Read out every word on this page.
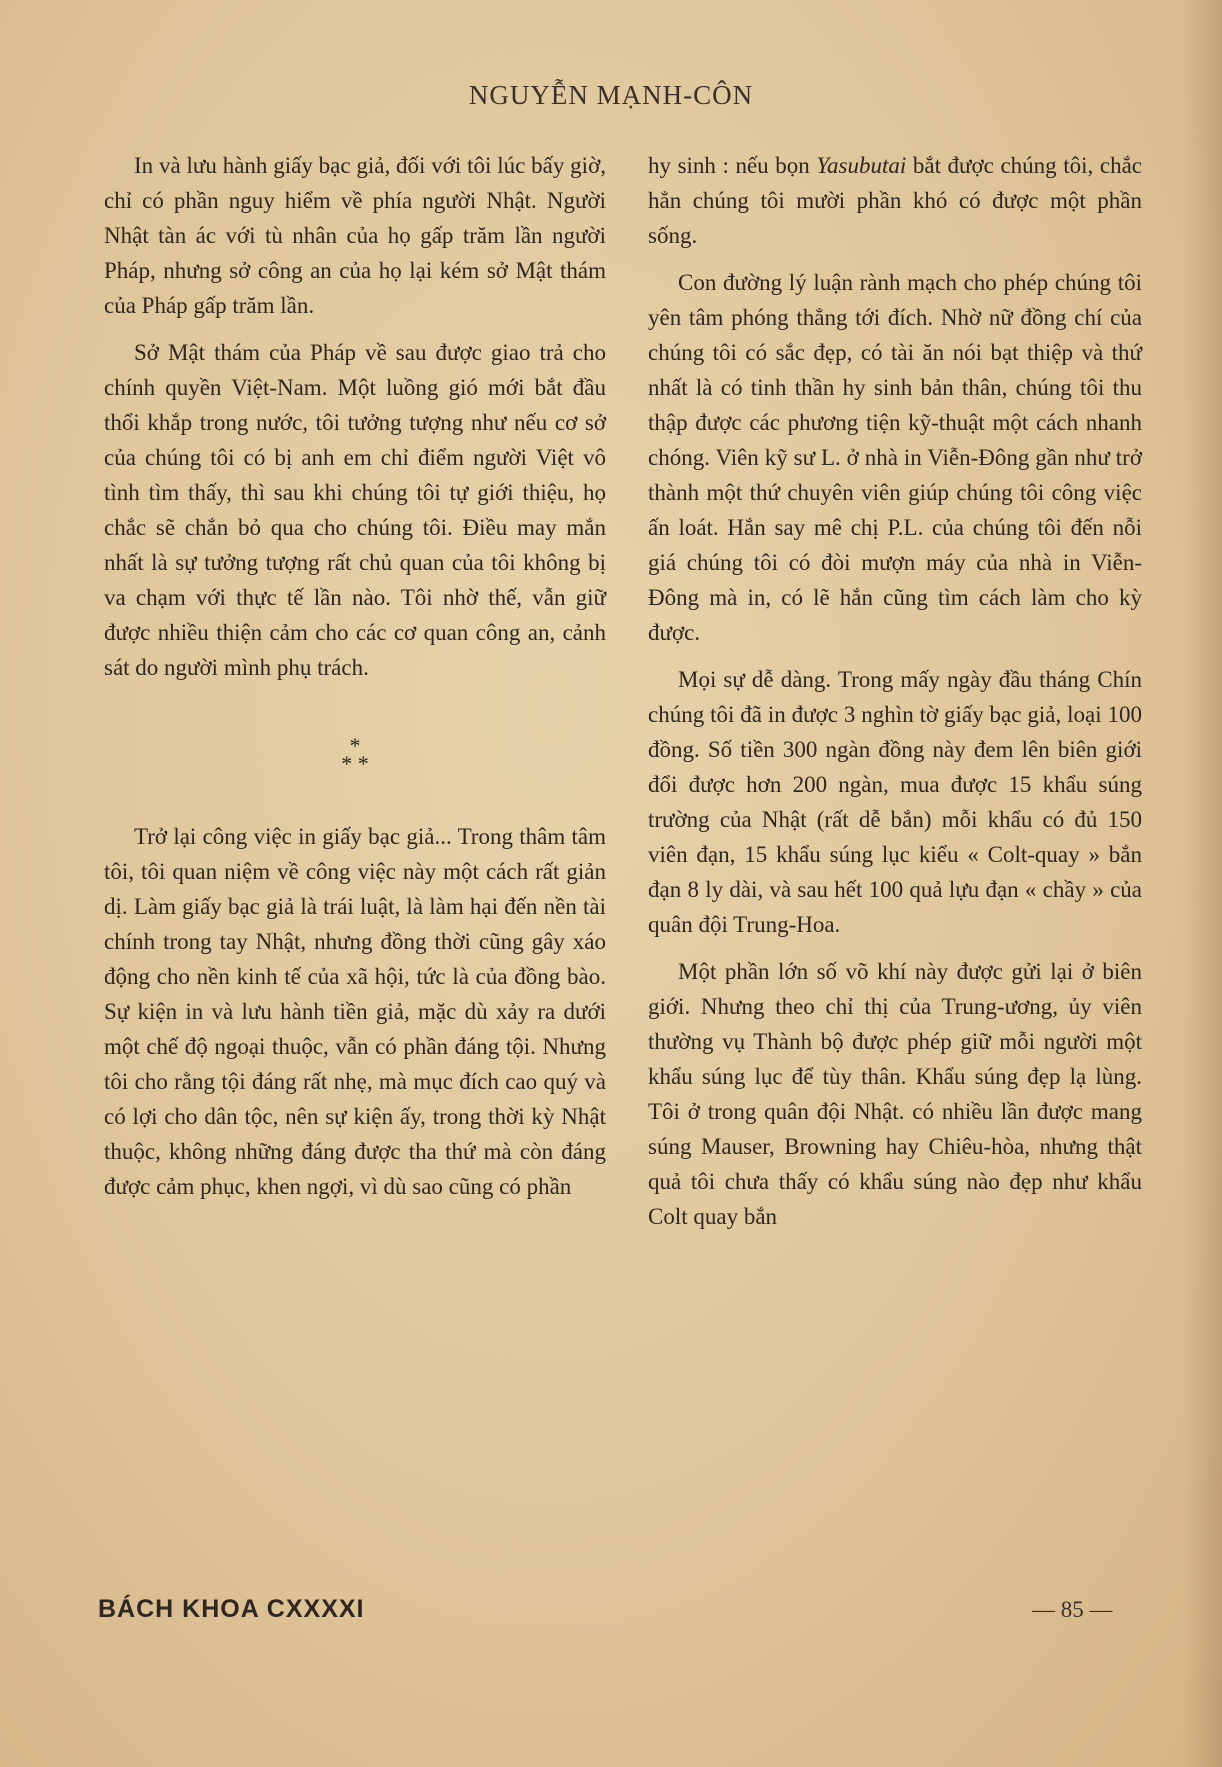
NGUYỄN MẠNH-CÔN

In và lưu hành giấy bạc giả, đối với tôi lúc bấy giờ, chỉ có phần nguy hiểm về phía người Nhật. Người Nhật tàn ác với tù nhân của họ gấp trăm lần người Pháp, nhưng sở công an của họ lại kém sở Mật thám của Pháp gấp trăm lần.

Sở Mật thám của Pháp về sau được giao trả cho chính quyền Việt-Nam. Một luồng gió mới bắt đầu thổi khắp trong nước, tôi tưởng tượng như nếu cơ sở của chúng tôi có bị anh em chỉ điểm người Việt vô tình tìm thấy, thì sau khi chúng tôi tự giới thiệu, họ chắc sẽ chắn bỏ qua cho chúng tôi. Điều may mắn nhất là sự tưởng tượng rất chủ quan của tôi không bị va chạm với thực tế lần nào. Tôi nhờ thế, vẫn giữ được nhiều thiện cảm cho các cơ quan công an, cảnh sát do người mình phụ trách.

*
* *

Trở lại công việc in giấy bạc giả... Trong thâm tâm tôi, tôi quan niệm về công việc này một cách rất giản dị. Làm giấy bạc giả là trái luật, là làm hại đến nền tài chính trong tay Nhật, nhưng đồng thời cũng gây xáo động cho nền kinh tế của xã hội, tức là của đồng bào. Sự kiện in và lưu hành tiền giả, mặc dù xảy ra dưới một chế độ ngoại thuộc, vẫn có phần đáng tội. Nhưng tôi cho rằng tội đáng rất nhẹ, mà mục đích cao quý và có lợi cho dân tộc, nên sự kiện ấy, trong thời kỳ Nhật thuộc, không những đáng được tha thứ mà còn đáng được cảm phục, khen ngợi, vì dù sao cũng có phần

hy sinh : nếu bọn Yasubutai bắt được chúng tôi, chắc hẳn chúng tôi mười phần khó có được một phần sống.

Con đường lý luận rành mạch cho phép chúng tôi yên tâm phóng thẳng tới đích. Nhờ nữ đồng chí của chúng tôi có sắc đẹp, có tài ăn nói bạt thiệp và thứ nhất là có tinh thần hy sinh bản thân, chúng tôi thu thập được các phương tiện kỹ-thuật một cách nhanh chóng. Viên kỹ sư L. ở nhà in Viễn-Đông gần như trở thành một thứ chuyên viên giúp chúng tôi công việc ấn loát. Hắn say mê chị P.L. của chúng tôi đến nỗi giá chúng tôi có đòi mượn máy của nhà in Viễn-Đông mà in, có lẽ hắn cũng tìm cách làm cho kỳ được.

Mọi sự dễ dàng. Trong mấy ngày đầu tháng Chín chúng tôi đã in được 3 nghìn tờ giấy bạc giả, loại 100 đồng. Số tiền 300 ngàn đồng này đem lên biên giới đổi được hơn 200 ngàn, mua được 15 khẩu súng trường của Nhật (rất dễ bắn) mỗi khẩu có đủ 150 viên đạn, 15 khẩu súng lục kiểu « Colt-quay » bắn đạn 8 ly dài, và sau hết 100 quả lựu đạn « chầy » của quân đội Trung-Hoa.

Một phần lớn số võ khí này được gửi lại ở biên giới. Nhưng theo chỉ thị của Trung-ương, ủy viên thường vụ Thành bộ được phép giữ mỗi người một khẩu súng lục để tùy thân. Khẩu súng đẹp lạ lùng. Tôi ở trong quân đội Nhật. có nhiều lần được mang súng Mauser, Browning hay Chiêu-hòa, nhưng thật quả tôi chưa thấy có khẩu súng nào đẹp như khẩu Colt quay bắn

BÁCH KHOA CXXXXI	— 85 —
